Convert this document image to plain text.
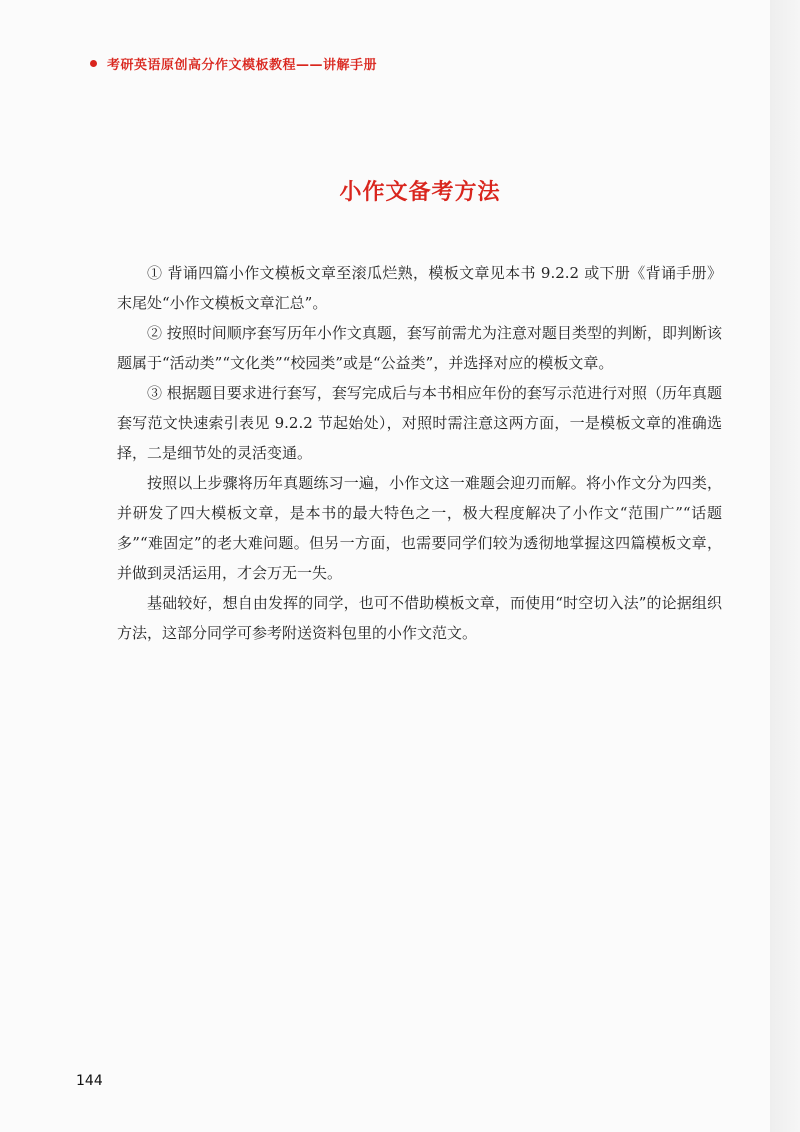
考研英语原创高分作文模板教程——讲解手册
小作文备考方法

① 背诵四篇小作文模板文章至滚瓜烂熟，模板文章见本书 9.2.2 或下册《背诵手册》末尾处“小作文模板文章汇总”。

② 按照时间顺序套写历年小作文真题，套写前需尤为注意对题目类型的判断，即判断该题属于“活动类”“文化类”“校园类”或是“公益类”，并选择对应的模板文章。

③ 根据题目要求进行套写，套写完成后与本书相应年份的套写示范进行对照（历年真题套写范文快速索引表见 9.2.2 节起始处），对照时需注意这两方面，一是模板文章的准确选择，二是细节处的灵活变通。

按照以上步骤将历年真题练习一遍，小作文这一难题会迎刃而解。将小作文分为四类，并研发了四大模板文章，是本书的最大特色之一，极大程度解决了小作文“范围广”“话题多”“难固定”的老大难问题。但另一方面，也需要同学们较为透彻地掌握这四篇模板文章，并做到灵活运用，才会万无一失。

基础较好，想自由发挥的同学，也可不借助模板文章，而使用“时空切入法”的论据组织方法，这部分同学可参考附送资料包里的小作文范文。

144
